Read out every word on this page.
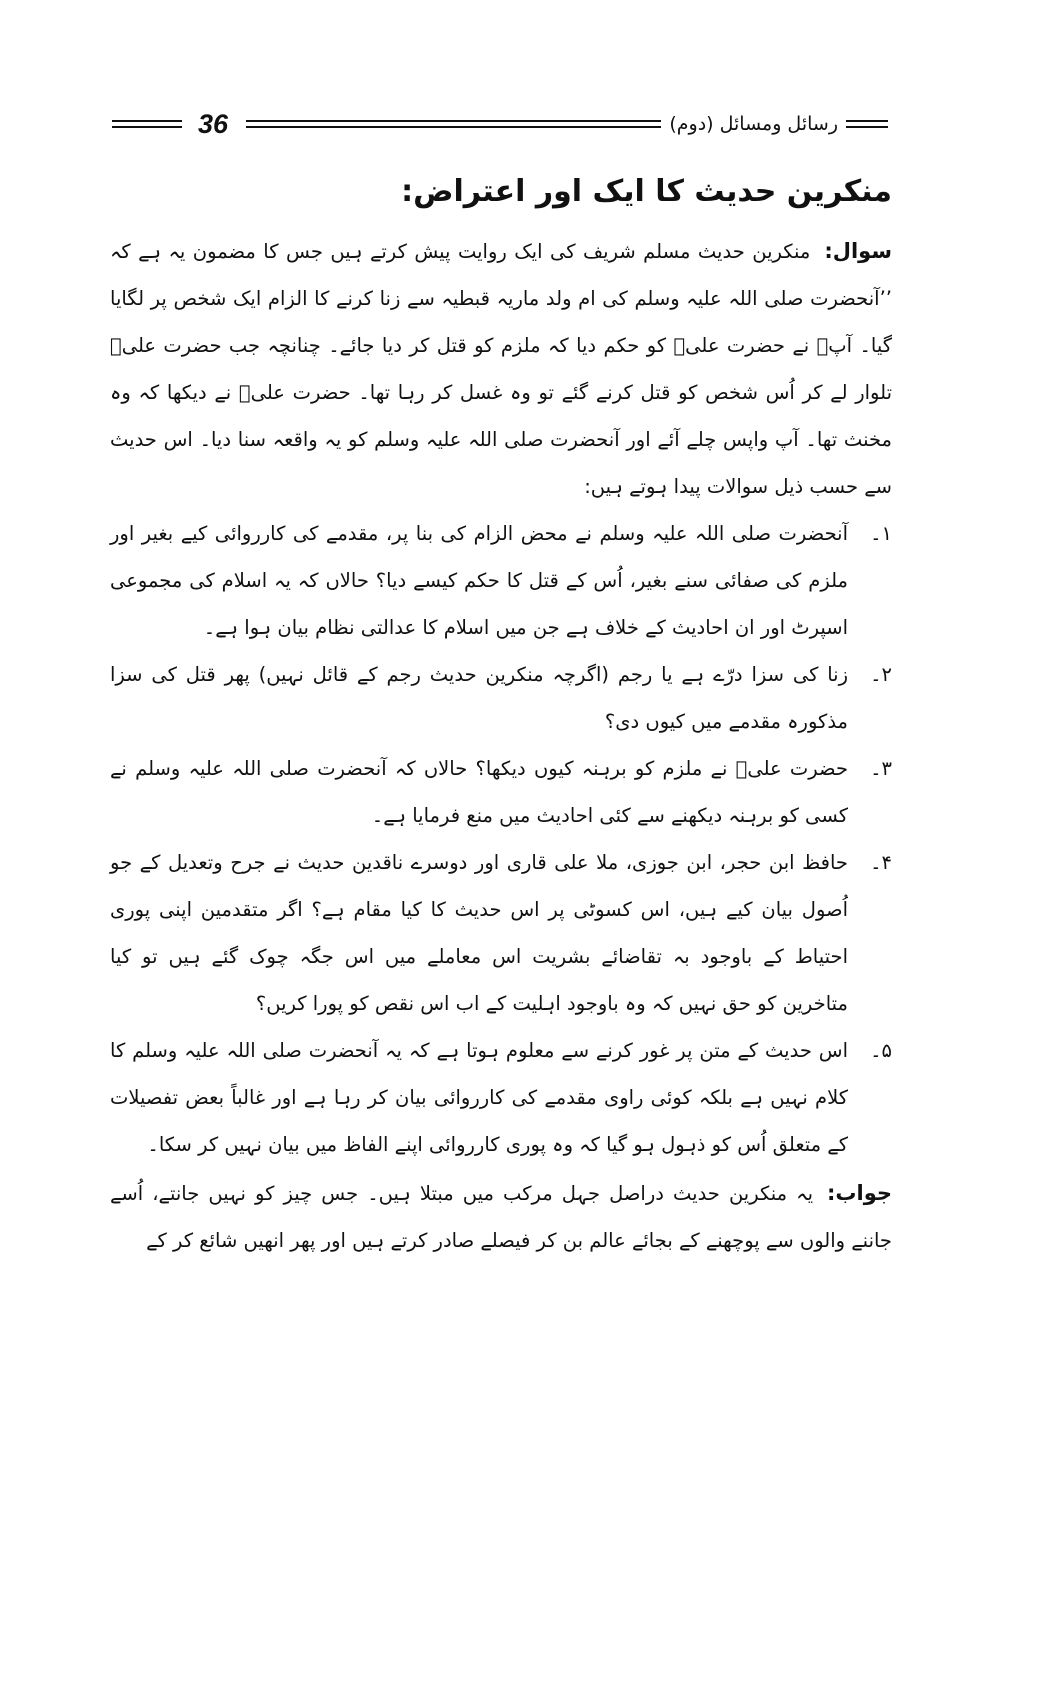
36	رسائل ومسائل (دوم)
منکرین حدیث کا ایک اور اعتراض:

سوال:منکرین حدیث مسلم شریف کی ایک روایت پیش کرتے ہیں جس کا مضمون یہ ہے کہ ’’آنحضرت صلی اللہ علیہ وسلم کی ام ولد ماریہ قبطیہ سے زنا کرنے کا الزام ایک شخص پر لگایا گیا۔ آپؐ نے حضرت علیؓ کو حکم دیا کہ ملزم کو قتل کر دیا جائے۔ چنانچہ جب حضرت علیؓ تلوار لے کر اُس شخص کو قتل کرنے گئے تو وہ غسل کر رہا تھا۔ حضرت علیؓ نے دیکھا کہ وہ مخنث تھا۔ آپ واپس چلے آئے اور آنحضرت صلی اللہ علیہ وسلم کو یہ واقعہ سنا دیا۔ اس حدیث سے حسب ذیل سوالات پیدا ہوتے ہیں:

۱۔
آنحضرت صلی اللہ علیہ وسلم نے محض الزام کی بنا پر، مقدمے کی کارروائی کیے بغیر اور ملزم کی صفائی سنے بغیر، اُس کے قتل کا حکم کیسے دیا؟ حالاں کہ یہ اسلام کی مجموعی اسپرٹ اور ان احادیث کے خلاف ہے جن میں اسلام کا عدالتی نظام بیان ہوا ہے۔
۲۔
زنا کی سزا درّے ہے یا رجم (اگرچہ منکرین حدیث رجم کے قائل نہیں) پھر قتل کی سزا مذکورہ مقدمے میں کیوں دی؟
۳۔
حضرت علیؓ نے ملزم کو برہنہ کیوں دیکھا؟ حالاں کہ آنحضرت صلی اللہ علیہ وسلم نے کسی کو برہنہ دیکھنے سے کئی احادیث میں منع فرمایا ہے۔
۴۔
حافظ ابن حجر، ابن جوزی، ملا علی قاری اور دوسرے ناقدین حدیث نے جرح وتعدیل کے جو اُصول بیان کیے ہیں، اس کسوٹی پر اس حدیث کا کیا مقام ہے؟ اگر متقدمین اپنی پوری احتیاط کے باوجود بہ تقاضائے بشریت اس معاملے میں اس جگہ چوک گئے ہیں تو کیا متاخرین کو حق نہیں کہ وہ باوجود اہلیت کے اب اس نقص کو پورا کریں؟
۵۔
اس حدیث کے متن پر غور کرنے سے معلوم ہوتا ہے کہ یہ آنحضرت صلی اللہ علیہ وسلم کا کلام نہیں ہے بلکہ کوئی راوی مقدمے کی کارروائی بیان کر رہا ہے اور غالباً بعض تفصیلات کے متعلق اُس کو ذہول ہو گیا کہ وہ پوری کارروائی اپنے الفاظ میں بیان نہیں کر سکا۔

جواب:یہ منکرین حدیث دراصل جہل مرکب میں مبتلا ہیں۔ جس چیز کو نہیں جانتے، اُسے جاننے والوں سے پوچھنے کے بجائے عالم بن کر فیصلے صادر کرتے ہیں اور پھر انھیں شائع کر کے
